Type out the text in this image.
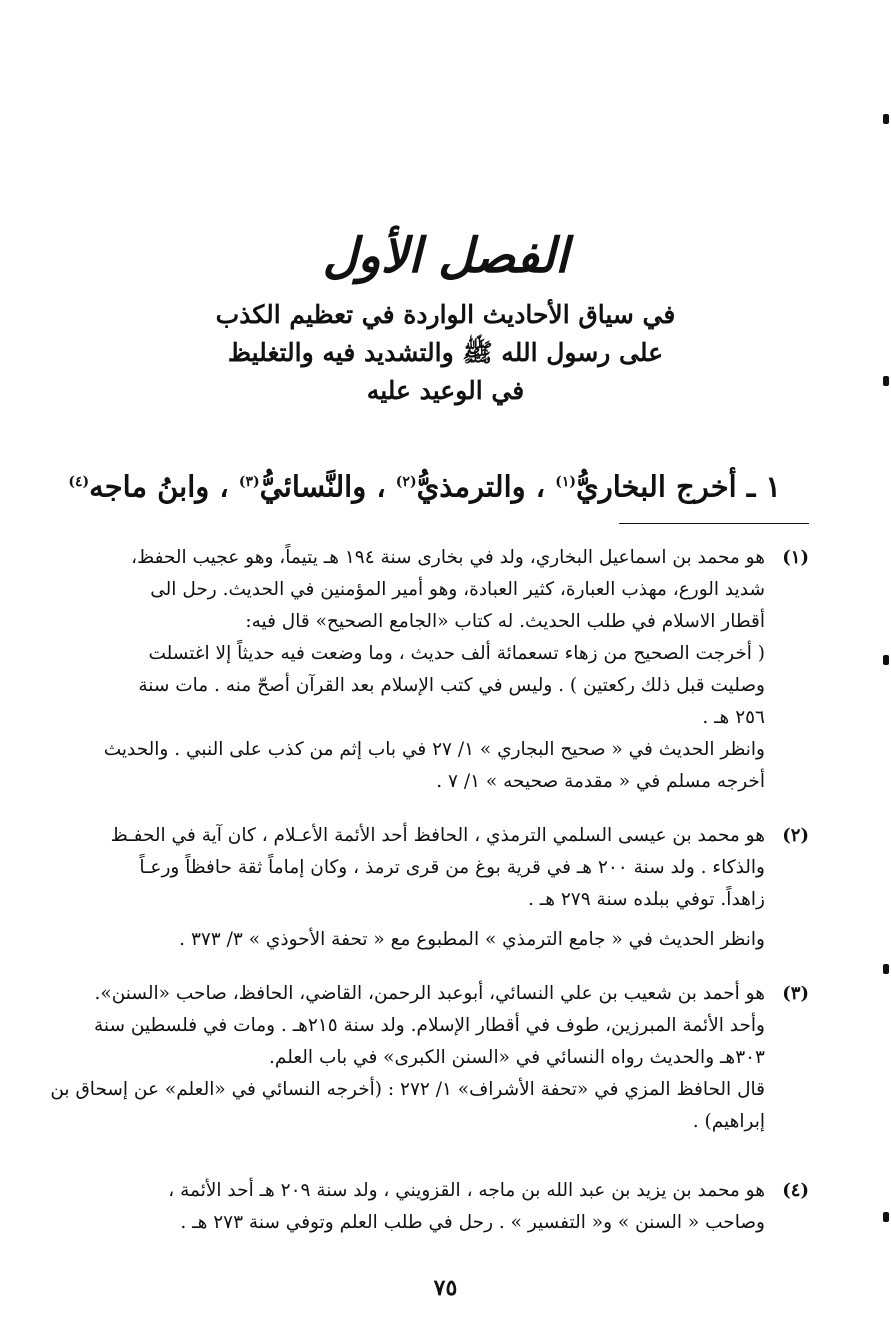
الفصل الأول
في سياق الأحاديث الواردة في تعظيم الكذب
على رسول الله ﷺ والتشديد فيه والتغليظ
في الوعيد عليه
١ ـ أخرج البخاريُّ$^{(١)}$ ، والترمذيُّ$^{(٢)}$ ، والنَّسائيُّ$^{(٣)}$ ، وابنُ ماجه$^{(٤)}$
(١)
هو محمد بن اسماعيل البخاري، ولد في بخارى سنة ١٩٤ هـ يتيماً، وهو عجيب الحفظ،
شديد الورع، مهذب العبارة، كثير العبادة، وهو أمير المؤمنين في الحديث. رحل الى
أقطار الاسلام في طلب الحديث. له كتاب «الجامع الصحيح» قال فيه:
( أخرجت الصحيح من زهاء تسعمائة ألف حديث ، وما وضعت فيه حديثاً إلا اغتسلت
وصليت قبل ذلك ركعتين ) . وليس في كتب الإسلام بعد القرآن أصحّ منه . مات سنة
٢٥٦ هـ .
وانظر الحديث في « صحيح البجاري » ١/ ٢٧ في باب إثم من كذب على النبي . والحديث
أخرجه مسلم في « مقدمة صحيحه » ١/ ٧ .
(٢)
هو محمد بن عيسى السلمي الترمذي ، الحافظ أحد الأئمة الأعـلام ، كان آية في الحفـظ
والذكاء . ولد سنة ٢٠٠ هـ في قرية بوغ من قرى ترمذ ، وكان إماماً ثقة حافظاً ورعـاً
زاهداً. توفي ببلده سنة ٢٧٩ هـ .
وانظر الحديث في « جامع الترمذي » المطبوع مع « تحفة الأحوذي » ٣/ ٣٧٣ .
(٣)
هو أحمد بن شعيب بن علي النسائي، أبوعبد الرحمن، القاضي، الحافظ، صاحب «السنن».
وأحد الأئمة المبرزين، طوف في أقطار الإسلام. ولد سنة ٢١٥هـ . ومات في فلسطين سنة
٣٠٣هـ والحديث رواه النسائي في «السنن الكبرى» في باب العلم.
قال الحافظ المزي في «تحفة الأشراف» ١/ ٢٧٢ : (أخرجه النسائي في «العلم» عن إسحاق بن
إبراهيم) .
(٤)
هو محمد بن يزيد بن عبد الله بن ماجه ، القزويني ، ولد سنة ٢٠٩ هـ أحد الأئمة ،
وصاحب « السنن » و« التفسير » . رحل في طلب العلم وتوفي سنة ٢٧٣ هـ .
٧٥
